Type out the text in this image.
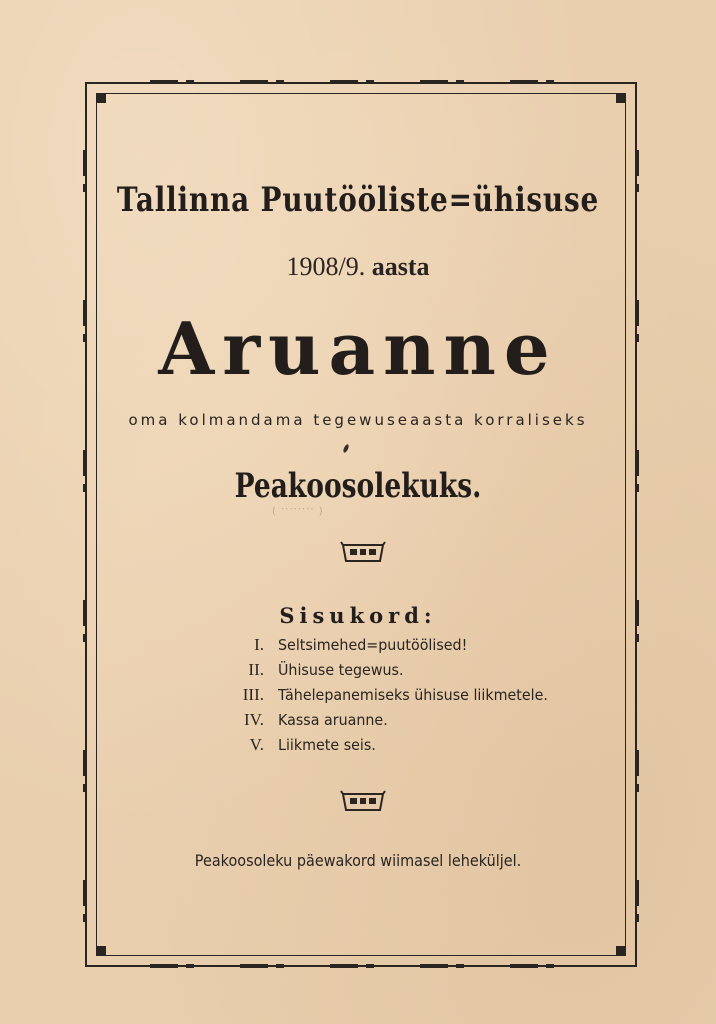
Tallinna Puutööliste=ühisuse
1908/9. aasta
Aruanne
oma kolmandama tegewuseaasta korraliseks
Peakoosolekuks.
( ........ )
Sisukord:
I. Seltsimehed=puutöölised!
II. Ühisuse tegewus.
III. Tähelepanemiseks ühisuse liikmetele.
IV. Kassa aruanne.
V. Liikmete seis.
Peakoosoleku päewakord wiimasel leheküljel.
